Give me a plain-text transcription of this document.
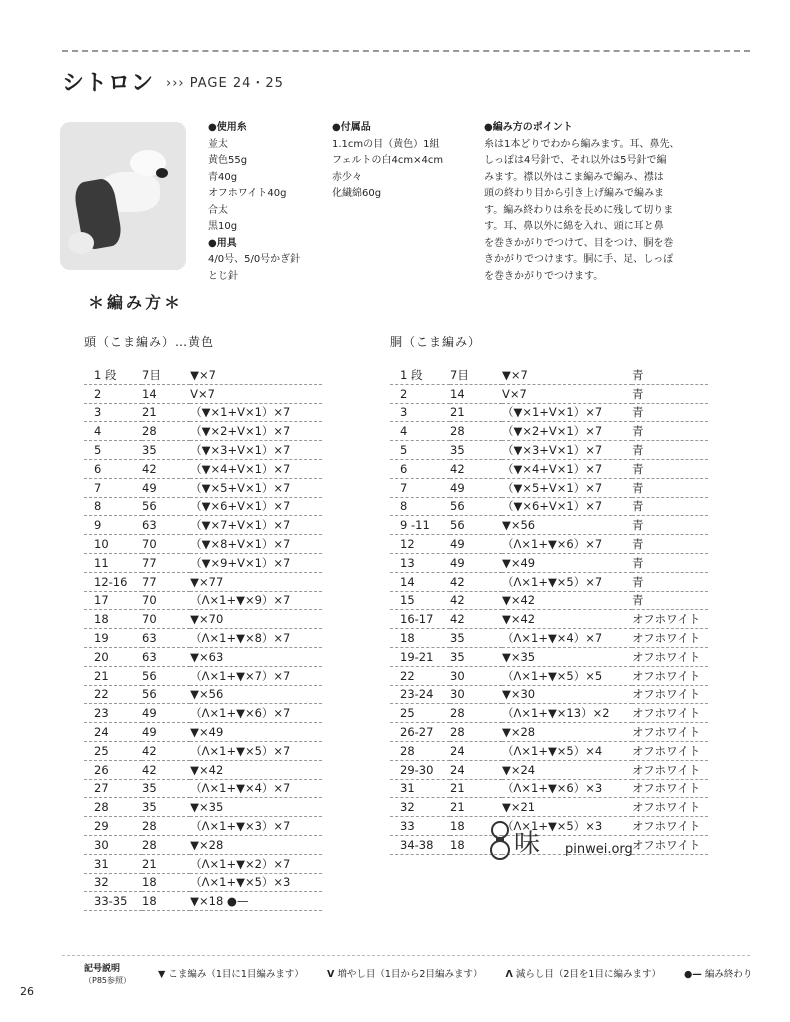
シトロン ››› PAGE 24・25
●使用糸
並太
黄色55g
青40g
オフホワイト40g
合太
黒10g
●用具
4/0号、5/0号かぎ針
とじ針
●付属品
1.1cmの目（黄色）1組
フェルトの白4cm×4cm
赤少々
化繊綿60g
●編み方のポイント

糸は1本どりでわから編みます。耳、鼻先、

しっぽは4号針で、それ以外は5号針で編

みます。襟以外はこま編みで編み、襟は

頭の終わり目から引き上げ編みで編みま

す。編み終わりは糸を長めに残して切りま

す。耳、鼻以外に綿を入れ、頭に耳と鼻

を巻きかがりでつけて、目をつけ、胴を巻

きかがりでつけます。胴に手、足、しっぽ

を巻きかがりでつけます。

＊編み方＊
頭（こま編み）…黄色	胴（こま編み）
1 段	7目	▼×7
2	14	V×7
3	21	（▼×1+V×1）×7
4	28	（▼×2+V×1）×7
5	35	（▼×3+V×1）×7
6	42	（▼×4+V×1）×7
7	49	（▼×5+V×1）×7
8	56	（▼×6+V×1）×7
9	63	（▼×7+V×1）×7
10	70	（▼×8+V×1）×7
11	77	（▼×9+V×1）×7
12-16	77	▼×77
17	70	（Ʌ×1+▼×9）×7
18	70	▼×70
19	63	（Ʌ×1+▼×8）×7
20	63	▼×63
21	56	（Ʌ×1+▼×7）×7
22	56	▼×56
23	49	（Ʌ×1+▼×6）×7
24	49	▼×49
25	42	（Ʌ×1+▼×5）×7
26	42	▼×42
27	35	（Ʌ×1+▼×4）×7
28	35	▼×35
29	28	（Ʌ×1+▼×3）×7
30	28	▼×28
31	21	（Ʌ×1+▼×2）×7
32	18	（Ʌ×1+▼×5）×3
33-35	18	▼×18 ●—
1 段	7目	▼×7	青
2	14	V×7	青
3	21	（▼×1+V×1）×7	青
4	28	（▼×2+V×1）×7	青
5	35	（▼×3+V×1）×7	青
6	42	（▼×4+V×1）×7	青
7	49	（▼×5+V×1）×7	青
8	56	（▼×6+V×1）×7	青
9 -11	56	▼×56	青
12	49	（Ʌ×1+▼×6）×7	青
13	49	▼×49	青
14	42	（Ʌ×1+▼×5）×7	青
15	42	▼×42	青
16-17	42	▼×42	オフホワイト
18	35	（Ʌ×1+▼×4）×7	オフホワイト
19-21	35	▼×35	オフホワイト
22	30	（Ʌ×1+▼×5）×5	オフホワイト
23-24	30	▼×30	オフホワイト
25	28	（Ʌ×1+▼×13）×2	オフホワイト
26-27	28	▼×28	オフホワイト
28	24	（Ʌ×1+▼×5）×4	オフホワイト
29-30	24	▼×24	オフホワイト
31	21	（Ʌ×1+▼×6）×3	オフホワイト
32	21	▼×21	オフホワイト
33	18	（Ʌ×1+▼×5）×3	オフホワイト
34-38	18		オフホワイト
味 pinwei.org
記号説明
（P85参照）
▼ こま編み（1目に1目編みます） V 増やし目（1目から2目編みます） Ʌ 減らし目（2目を1目に編みます） ●— 編み終わり
26
